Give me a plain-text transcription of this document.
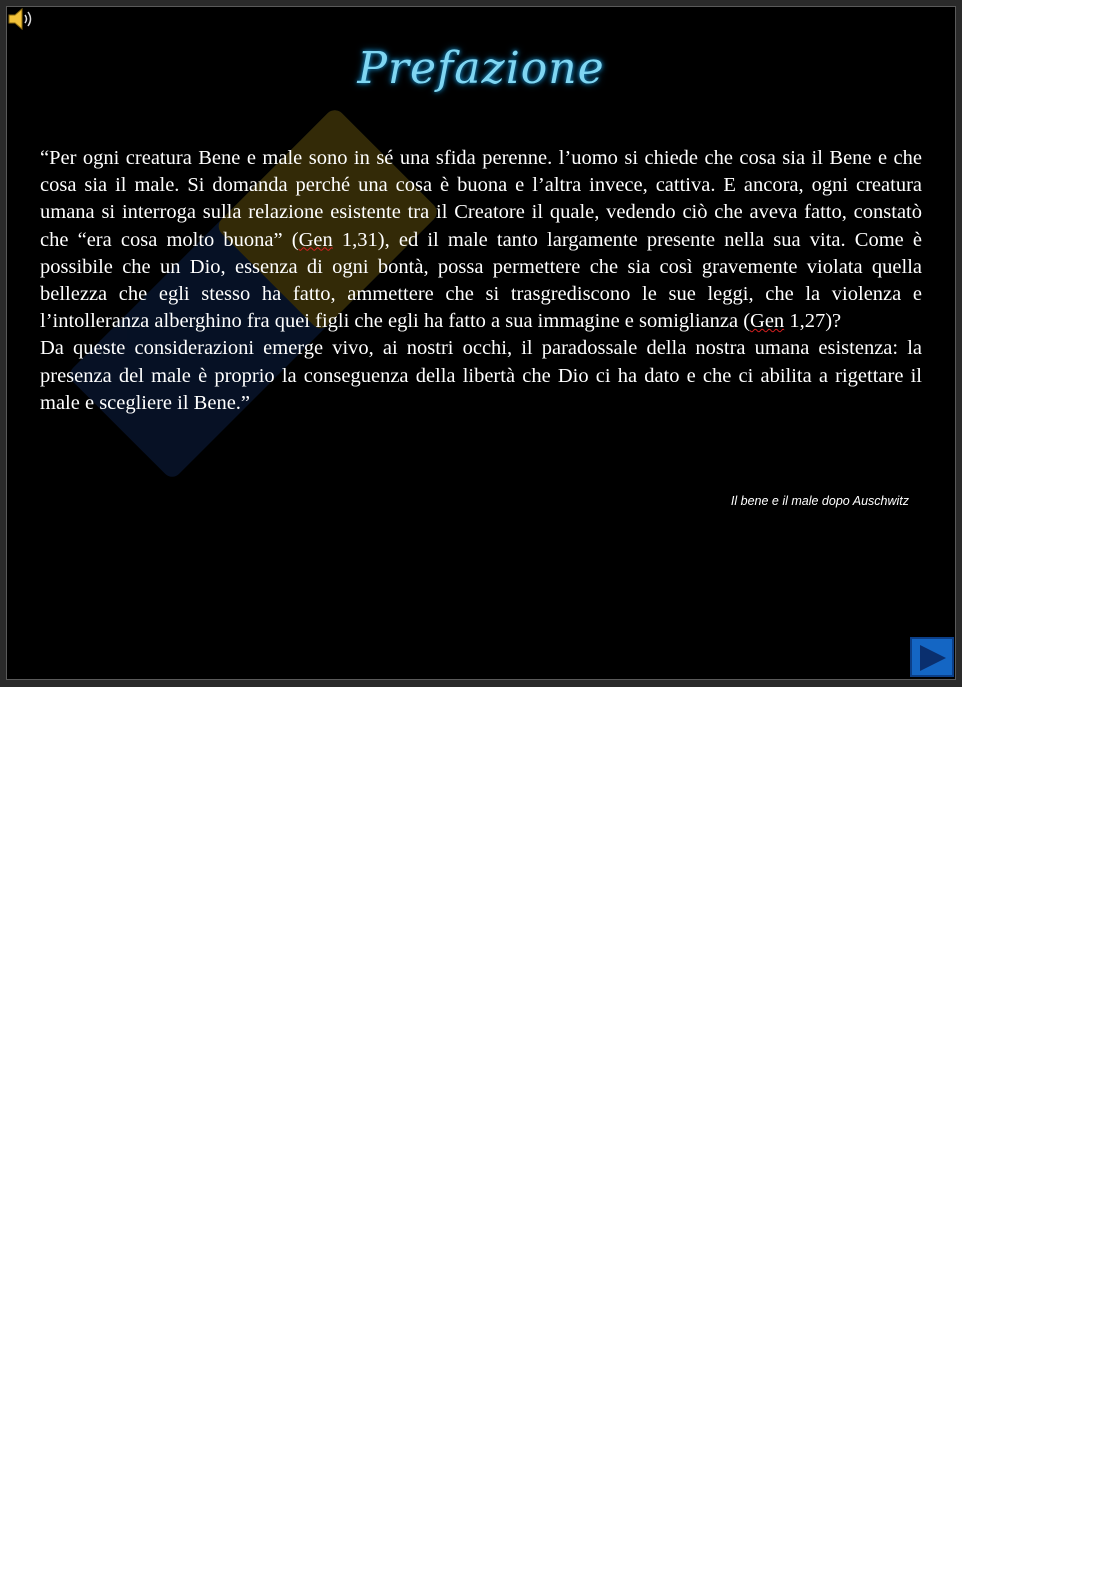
Prefazione

“Per ogni creatura Bene e male sono in sé una sfida perenne. l’uomo si chiede che cosa sia il Bene e che cosa sia il male. Si domanda perché una cosa è buona e l’altra invece, cattiva. E ancora, ogni creatura umana si interroga sulla relazione esistente tra il Creatore il quale, vedendo ciò che aveva fatto, constatò che “era cosa molto buona” (Gen 1,31), ed il male tanto largamente presente nella sua vita. Come è possibile che un Dio, essenza di ogni bontà, possa permettere che sia così gravemente violata quella bellezza che egli stesso ha fatto, ammettere che si trasgrediscono le sue leggi, che la violenza e l’intolleranza alberghino fra quei figli che egli ha fatto a sua immagine e somiglianza (Gen 1,27)?

Da queste considerazioni emerge vivo, ai nostri occhi, il paradossale della nostra umana esistenza: la presenza del male è proprio la conseguenza della libertà che Dio ci ha dato e che ci abilita a rigettare il male e scegliere il Bene.”

Il bene e il male dopo Auschwitz
